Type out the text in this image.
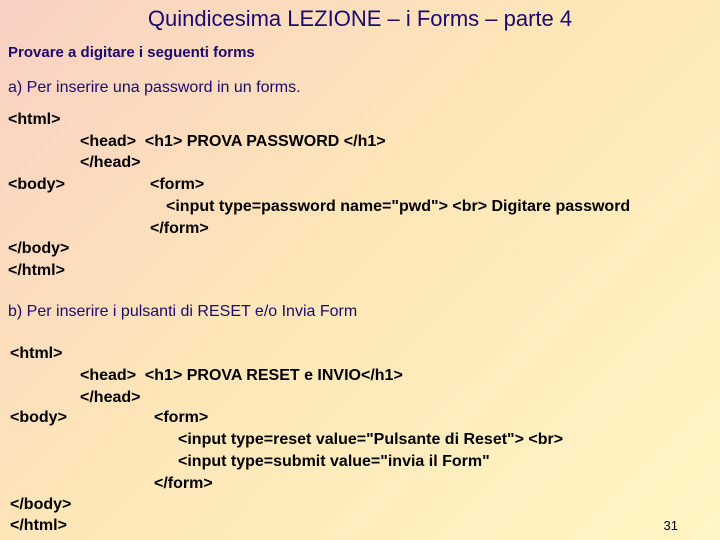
Quindicesima LEZIONE – i Forms – parte 4
Provare a digitare i seguenti forms
a) Per inserire una password in un forms.
<html>
<head>  <h1> PROVA PASSWORD </h1>
</head>
<body>	<form>
<input type=password name="pwd"> <br> Digitare password
</form>
</body>
</html>
b) Per inserire i pulsanti di RESET e/o Invia Form
<html>
<head>  <h1> PROVA RESET e INVIO</h1>
</head>
<body>	<form>
<input type=reset value="Pulsante di Reset"> <br>
<input type=submit value="invia il Form"
</form>
</body>
</html>	31
